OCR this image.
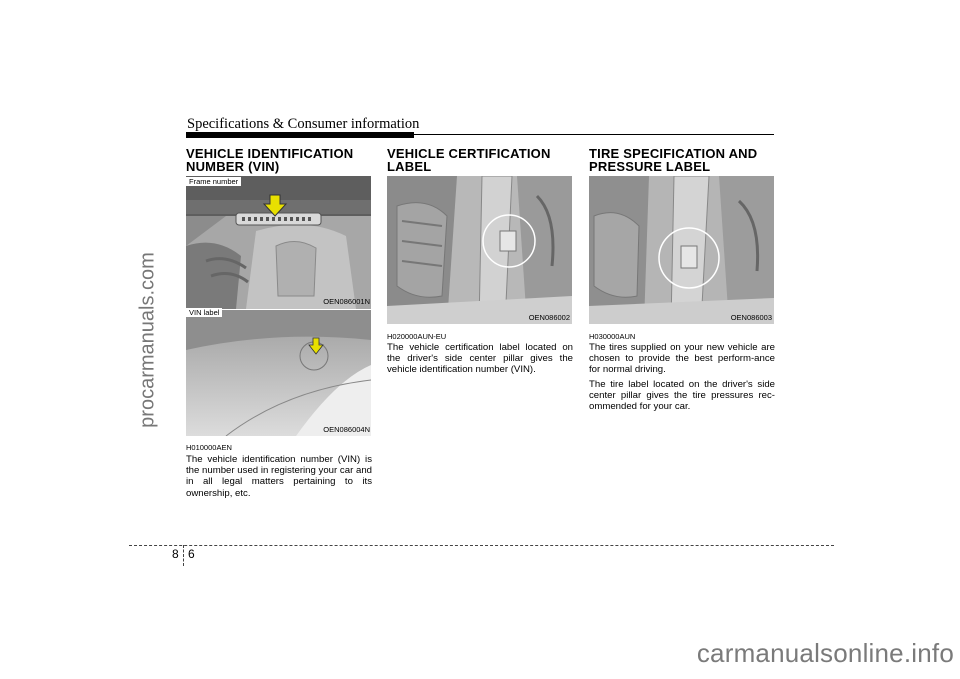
procarmanuals.com
carmanualsonline.info
Specifications & Consumer information
VEHICLE IDENTIFICATION
NUMBER (VIN)
Frame number
OEN086001N
VIN label
OEN086004N
H010000AEN

The vehicle identification number (VIN) is the number used in registering your car and in all legal matters pertaining to its ownership, etc.

VEHICLE CERTIFICATION
LABEL
OEN086002
H020000AUN-EU

The vehicle certification label located on the driver's side center pillar gives the vehicle identification number (VIN).

TIRE SPECIFICATION AND
PRESSURE LABEL
OEN086003
H030000AUN

The tires supplied on your new vehicle are chosen to provide the best perform-ance for normal driving.

The tire label located on the driver's side center pillar gives the tire pressures rec-ommended for your car.

8 6
